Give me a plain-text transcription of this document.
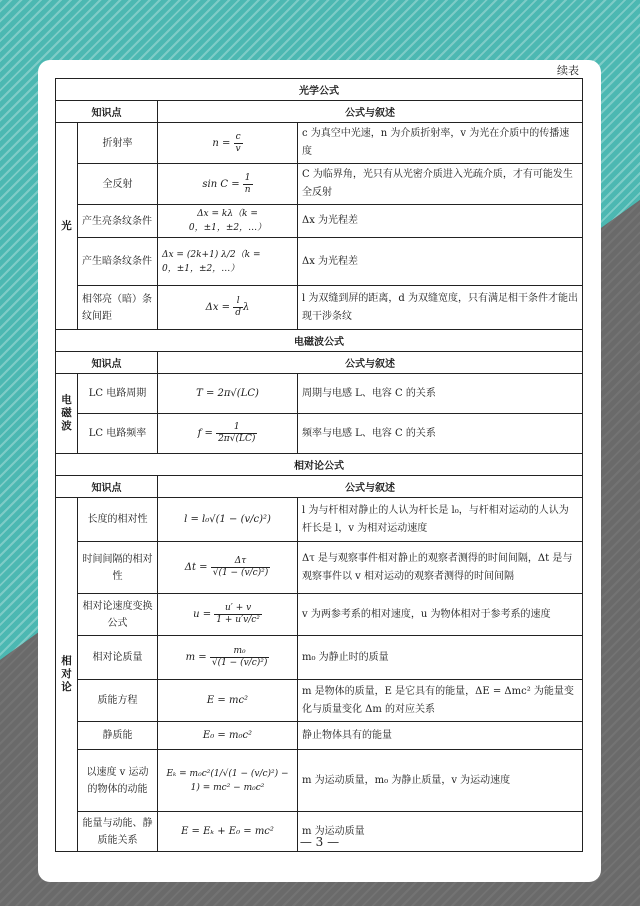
续表
光学公式			
知识点		公式与叙述	
光	折射率	$n = \frac{c}{v}$	c 为真空中光速，n 为介质折射率，v 为光在介质中的传播速度
	全反射	$\sin C = \frac{1}{n}$	C 为临界角，光只有从光密介质进入光疏介质，才有可能发生全反射
	产生亮条纹条件	Δx = kλ（k = 0，±1，±2，…）	Δx 为光程差
	产生暗条纹条件	Δx = (2k+1) λ/2（k = 0，±1，±2，…）	Δx 为光程差
	相邻亮（暗）条纹间距	$\Delta x = \frac{l}{d}$ λ	l 为双缝到屏的距离，d 为双缝宽度，只有满足相干条件才能出现干涉条纹
电磁波公式			
知识点		公式与叙述	
电磁波	LC 电路周期	T = 2π√(LC)	周期与电感 L、电容 C 的关系
	LC 电路频率	$f = \frac{1}{2\pi√(LC)}$	频率与电感 L、电容 C 的关系
相对论公式			
知识点		公式与叙述	
相对论	长度的相对性	l = l₀√(1 − (v/c)²)	l 为与杆相对静止的人认为杆长是 l₀，与杆相对运动的人认为杆长是 l，v 为相对运动速度
	时间间隔的相对性	$\Delta t = \frac{\Delta\tau}{\text{√(1 − (v/c)²)}}$	Δτ 是与观察事件相对静止的观察者测得的时间间隔，Δt 是与观察事件以 v 相对运动的观察者测得的时间间隔
	相对论速度变换公式	$u = \frac{u' + v}{\text{1 + u′v/c²}}$	v 为两参考系的相对速度，u 为物体相对于参考系的速度
	相对论质量	$m = \frac{\text{m₀}}{\text{√(1 − (v/c)²)}}$	m₀ 为静止时的质量
	质能方程	E = mc²	m 是物体的质量，E 是它具有的能量，ΔE = Δmc² 为能量变化与质量变化 Δm 的对应关系
	静质能	E₀ = m₀c²	静止物体具有的能量
	以速度 v 运动的物体的动能	Eₖ = m₀c²(1/√(1 − (v/c)²) − 1) = mc² − m₀c²	m 为运动质量，m₀ 为静止质量，v 为运动速度
	能量与动能、静质能关系	E = Eₖ + E₀ = mc²	m 为运动质量
— 3 —
